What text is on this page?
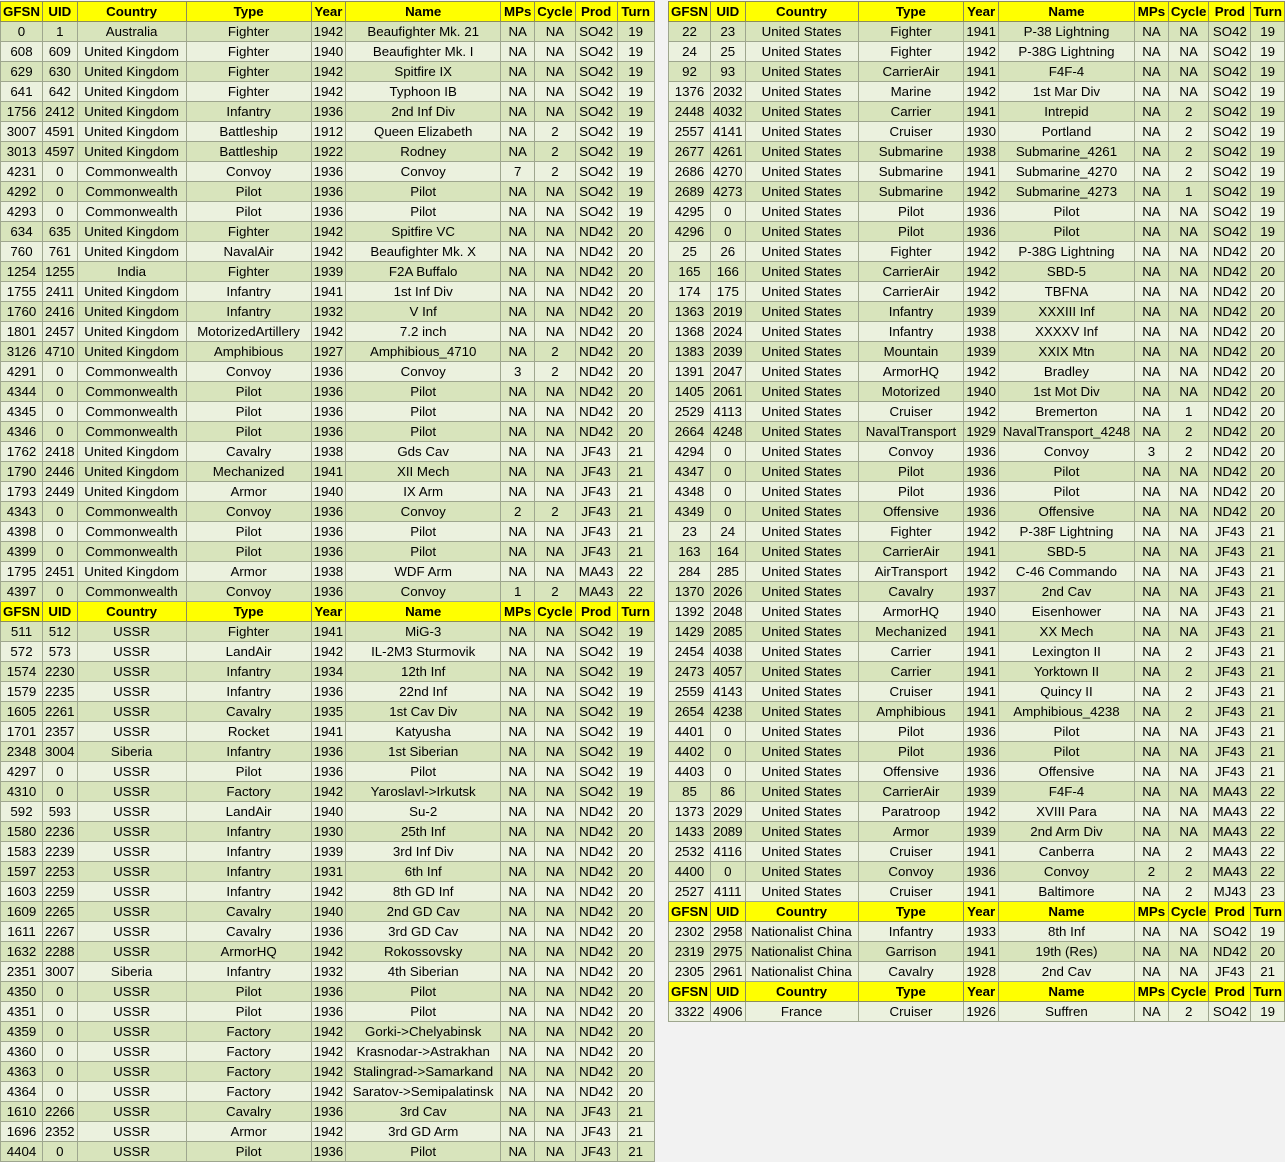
GFSN	UID	Country	Type	Year	Name	MPs	Cycle	Prod	Turn
0	1	Australia	Fighter	1942	Beaufighter Mk. 21	NA	NA	SO42	19
608	609	United Kingdom	Fighter	1940	Beaufighter Mk. I	NA	NA	SO42	19
629	630	United Kingdom	Fighter	1942	Spitfire IX	NA	NA	SO42	19
641	642	United Kingdom	Fighter	1942	Typhoon IB	NA	NA	SO42	19
1756	2412	United Kingdom	Infantry	1936	2nd Inf Div	NA	NA	SO42	19
3007	4591	United Kingdom	Battleship	1912	Queen Elizabeth	NA	2	SO42	19
3013	4597	United Kingdom	Battleship	1922	Rodney	NA	2	SO42	19
4231	0	Commonwealth	Convoy	1936	Convoy	7	2	SO42	19
4292	0	Commonwealth	Pilot	1936	Pilot	NA	NA	SO42	19
4293	0	Commonwealth	Pilot	1936	Pilot	NA	NA	SO42	19
634	635	United Kingdom	Fighter	1942	Spitfire VC	NA	NA	ND42	20
760	761	United Kingdom	NavalAir	1942	Beaufighter Mk. X	NA	NA	ND42	20
1254	1255	India	Fighter	1939	F2A Buffalo	NA	NA	ND42	20
1755	2411	United Kingdom	Infantry	1941	1st Inf Div	NA	NA	ND42	20
1760	2416	United Kingdom	Infantry	1932	V Inf	NA	NA	ND42	20
1801	2457	United Kingdom	MotorizedArtillery	1942	7.2 inch	NA	NA	ND42	20
3126	4710	United Kingdom	Amphibious	1927	Amphibious_4710	NA	2	ND42	20
4291	0	Commonwealth	Convoy	1936	Convoy	3	2	ND42	20
4344	0	Commonwealth	Pilot	1936	Pilot	NA	NA	ND42	20
4345	0	Commonwealth	Pilot	1936	Pilot	NA	NA	ND42	20
4346	0	Commonwealth	Pilot	1936	Pilot	NA	NA	ND42	20
1762	2418	United Kingdom	Cavalry	1938	Gds Cav	NA	NA	JF43	21
1790	2446	United Kingdom	Mechanized	1941	XII Mech	NA	NA	JF43	21
1793	2449	United Kingdom	Armor	1940	IX Arm	NA	NA	JF43	21
4343	0	Commonwealth	Convoy	1936	Convoy	2	2	JF43	21
4398	0	Commonwealth	Pilot	1936	Pilot	NA	NA	JF43	21
4399	0	Commonwealth	Pilot	1936	Pilot	NA	NA	JF43	21
1795	2451	United Kingdom	Armor	1938	WDF Arm	NA	NA	MA43	22
4397	0	Commonwealth	Convoy	1936	Convoy	1	2	MA43	22
GFSN	UID	Country	Type	Year	Name	MPs	Cycle	Prod	Turn
511	512	USSR	Fighter	1941	MiG-3	NA	NA	SO42	19
572	573	USSR	LandAir	1942	IL-2M3 Sturmovik	NA	NA	SO42	19
1574	2230	USSR	Infantry	1934	12th Inf	NA	NA	SO42	19
1579	2235	USSR	Infantry	1936	22nd Inf	NA	NA	SO42	19
1605	2261	USSR	Cavalry	1935	1st Cav Div	NA	NA	SO42	19
1701	2357	USSR	Rocket	1941	Katyusha	NA	NA	SO42	19
2348	3004	Siberia	Infantry	1936	1st Siberian	NA	NA	SO42	19
4297	0	USSR	Pilot	1936	Pilot	NA	NA	SO42	19
4310	0	USSR	Factory	1942	Yaroslavl->Irkutsk	NA	NA	SO42	19
592	593	USSR	LandAir	1940	Su-2	NA	NA	ND42	20
1580	2236	USSR	Infantry	1930	25th Inf	NA	NA	ND42	20
1583	2239	USSR	Infantry	1939	3rd Inf Div	NA	NA	ND42	20
1597	2253	USSR	Infantry	1931	6th Inf	NA	NA	ND42	20
1603	2259	USSR	Infantry	1942	8th GD Inf	NA	NA	ND42	20
1609	2265	USSR	Cavalry	1940	2nd GD Cav	NA	NA	ND42	20
1611	2267	USSR	Cavalry	1936	3rd GD Cav	NA	NA	ND42	20
1632	2288	USSR	ArmorHQ	1942	Rokossovsky	NA	NA	ND42	20
2351	3007	Siberia	Infantry	1932	4th Siberian	NA	NA	ND42	20
4350	0	USSR	Pilot	1936	Pilot	NA	NA	ND42	20
4351	0	USSR	Pilot	1936	Pilot	NA	NA	ND42	20
4359	0	USSR	Factory	1942	Gorki->Chelyabinsk	NA	NA	ND42	20
4360	0	USSR	Factory	1942	Krasnodar->Astrakhan	NA	NA	ND42	20
4363	0	USSR	Factory	1942	Stalingrad->Samarkand	NA	NA	ND42	20
4364	0	USSR	Factory	1942	Saratov->Semipalatinsk	NA	NA	ND42	20
1610	2266	USSR	Cavalry	1936	3rd Cav	NA	NA	JF43	21
1696	2352	USSR	Armor	1942	3rd GD Arm	NA	NA	JF43	21
4404	0	USSR	Pilot	1936	Pilot	NA	NA	JF43	21
GFSN	UID	Country	Type	Year	Name	MPs	Cycle	Prod	Turn
22	23	United States	Fighter	1941	P-38 Lightning	NA	NA	SO42	19
24	25	United States	Fighter	1942	P-38G Lightning	NA	NA	SO42	19
92	93	United States	CarrierAir	1941	F4F-4	NA	NA	SO42	19
1376	2032	United States	Marine	1942	1st Mar Div	NA	NA	SO42	19
2448	4032	United States	Carrier	1941	Intrepid	NA	2	SO42	19
2557	4141	United States	Cruiser	1930	Portland	NA	2	SO42	19
2677	4261	United States	Submarine	1938	Submarine_4261	NA	2	SO42	19
2686	4270	United States	Submarine	1941	Submarine_4270	NA	2	SO42	19
2689	4273	United States	Submarine	1942	Submarine_4273	NA	1	SO42	19
4295	0	United States	Pilot	1936	Pilot	NA	NA	SO42	19
4296	0	United States	Pilot	1936	Pilot	NA	NA	SO42	19
25	26	United States	Fighter	1942	P-38G Lightning	NA	NA	ND42	20
165	166	United States	CarrierAir	1942	SBD-5	NA	NA	ND42	20
174	175	United States	CarrierAir	1942	TBFNA	NA	NA	ND42	20
1363	2019	United States	Infantry	1939	XXXIII Inf	NA	NA	ND42	20
1368	2024	United States	Infantry	1938	XXXXV Inf	NA	NA	ND42	20
1383	2039	United States	Mountain	1939	XXIX Mtn	NA	NA	ND42	20
1391	2047	United States	ArmorHQ	1942	Bradley	NA	NA	ND42	20
1405	2061	United States	Motorized	1940	1st Mot Div	NA	NA	ND42	20
2529	4113	United States	Cruiser	1942	Bremerton	NA	1	ND42	20
2664	4248	United States	NavalTransport	1929	NavalTransport_4248	NA	2	ND42	20
4294	0	United States	Convoy	1936	Convoy	3	2	ND42	20
4347	0	United States	Pilot	1936	Pilot	NA	NA	ND42	20
4348	0	United States	Pilot	1936	Pilot	NA	NA	ND42	20
4349	0	United States	Offensive	1936	Offensive	NA	NA	ND42	20
23	24	United States	Fighter	1942	P-38F Lightning	NA	NA	JF43	21
163	164	United States	CarrierAir	1941	SBD-5	NA	NA	JF43	21
284	285	United States	AirTransport	1942	C-46 Commando	NA	NA	JF43	21
1370	2026	United States	Cavalry	1937	2nd Cav	NA	NA	JF43	21
1392	2048	United States	ArmorHQ	1940	Eisenhower	NA	NA	JF43	21
1429	2085	United States	Mechanized	1941	XX Mech	NA	NA	JF43	21
2454	4038	United States	Carrier	1941	Lexington II	NA	2	JF43	21
2473	4057	United States	Carrier	1941	Yorktown II	NA	2	JF43	21
2559	4143	United States	Cruiser	1941	Quincy II	NA	2	JF43	21
2654	4238	United States	Amphibious	1941	Amphibious_4238	NA	2	JF43	21
4401	0	United States	Pilot	1936	Pilot	NA	NA	JF43	21
4402	0	United States	Pilot	1936	Pilot	NA	NA	JF43	21
4403	0	United States	Offensive	1936	Offensive	NA	NA	JF43	21
85	86	United States	CarrierAir	1939	F4F-4	NA	NA	MA43	22
1373	2029	United States	Paratroop	1942	XVIII Para	NA	NA	MA43	22
1433	2089	United States	Armor	1939	2nd Arm Div	NA	NA	MA43	22
2532	4116	United States	Cruiser	1941	Canberra	NA	2	MA43	22
4400	0	United States	Convoy	1936	Convoy	2	2	MA43	22
2527	4111	United States	Cruiser	1941	Baltimore	NA	2	MJ43	23
GFSN	UID	Country	Type	Year	Name	MPs	Cycle	Prod	Turn
2302	2958	Nationalist China	Infantry	1933	8th Inf	NA	NA	SO42	19
2319	2975	Nationalist China	Garrison	1941	19th (Res)	NA	NA	ND42	20
2305	2961	Nationalist China	Cavalry	1928	2nd Cav	NA	NA	JF43	21
GFSN	UID	Country	Type	Year	Name	MPs	Cycle	Prod	Turn
3322	4906	France	Cruiser	1926	Suffren	NA	2	SO42	19
